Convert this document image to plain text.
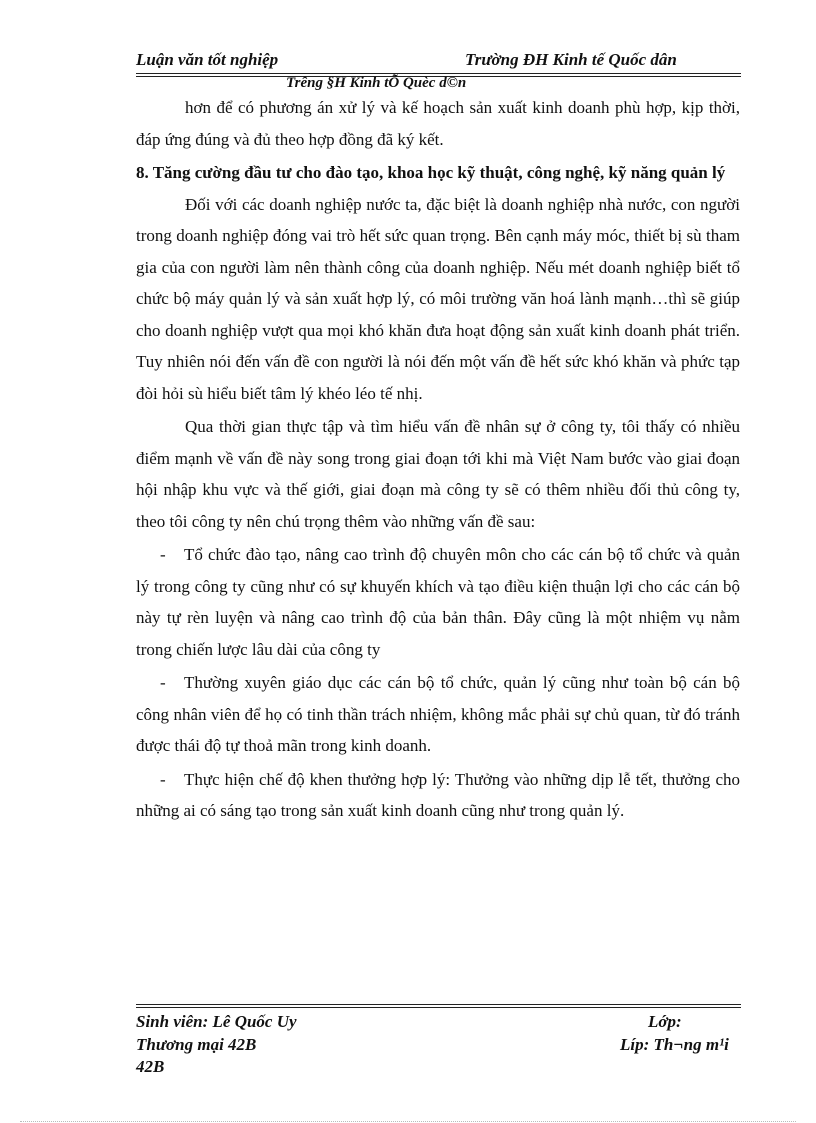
Luận văn tốt nghiệp	Trường ĐH Kinh tế Quốc dân
Trêng §H Kinh tÕ Quèc d©n

hơn để có phương án xử lý và kế hoạch sản xuất kinh doanh phù hợp, kịp thời, đáp ứng đúng và đủ theo hợp đồng đã ký kết.

8. Tăng cường đầu tư cho đào tạo, khoa học kỹ thuật, công nghệ, kỹ năng quản lý

Đối với các doanh nghiệp nước ta, đặc biệt là doanh nghiệp nhà nước, con người trong doanh nghiệp đóng vai trò hết sức quan trọng. Bên cạnh máy móc, thiết bị sù tham gia của con người làm nên thành công của doanh nghiệp. Nếu mét doanh nghiệp biết tổ chức bộ máy quản lý và sản xuất hợp lý, có môi trường văn hoá lành mạnh…thì sẽ giúp cho doanh nghiệp vượt qua mọi khó khăn đưa hoạt động sản xuất kinh doanh phát triển. Tuy nhiên nói đến vấn đề con người là nói đến một vấn đề hết sức khó khăn và phức tạp đòi hỏi sù hiểu biết tâm lý khéo léo tế nhị.

Qua thời gian thực tập và tìm hiểu vấn đề nhân sự ở công ty, tôi thấy có nhiều điểm mạnh về vấn đề này song trong giai đoạn tới khi mà Việt Nam bước vào giai đoạn hội nhập khu vực và thế giới, giai đoạn mà công ty sẽ có thêm nhiều đối thủ công ty, theo tôi công ty nên chú trọng thêm vào những vấn đề sau:

- Tổ chức đào tạo, nâng cao trình độ chuyên môn cho các cán bộ tổ chức và quản lý trong công ty cũng như có sự khuyến khích và tạo điều kiện thuận lợi cho các cán bộ này tự rèn luyện và nâng cao trình độ của bản thân. Đây cũng là một nhiệm vụ nằm trong chiến lược lâu dài của công ty

- Thường xuyên giáo dục các cán bộ tổ chức, quản lý cũng như toàn bộ cán bộ công nhân viên để họ có tinh thần trách nhiệm, không mắc phải sự chủ quan, từ đó tránh được thái độ tự thoả mãn trong kinh doanh.

- Thực hiện chế độ khen thưởng hợp lý: Thưởng vào những dịp lễ tết, thưởng cho những ai có sáng tạo trong sản xuất kinh doanh cũng như trong quản lý.

Sinh viên: Lê Quốc Uy	Lớp:
Thương mại 42B	Líp: Th¬ng m¹i
42B
